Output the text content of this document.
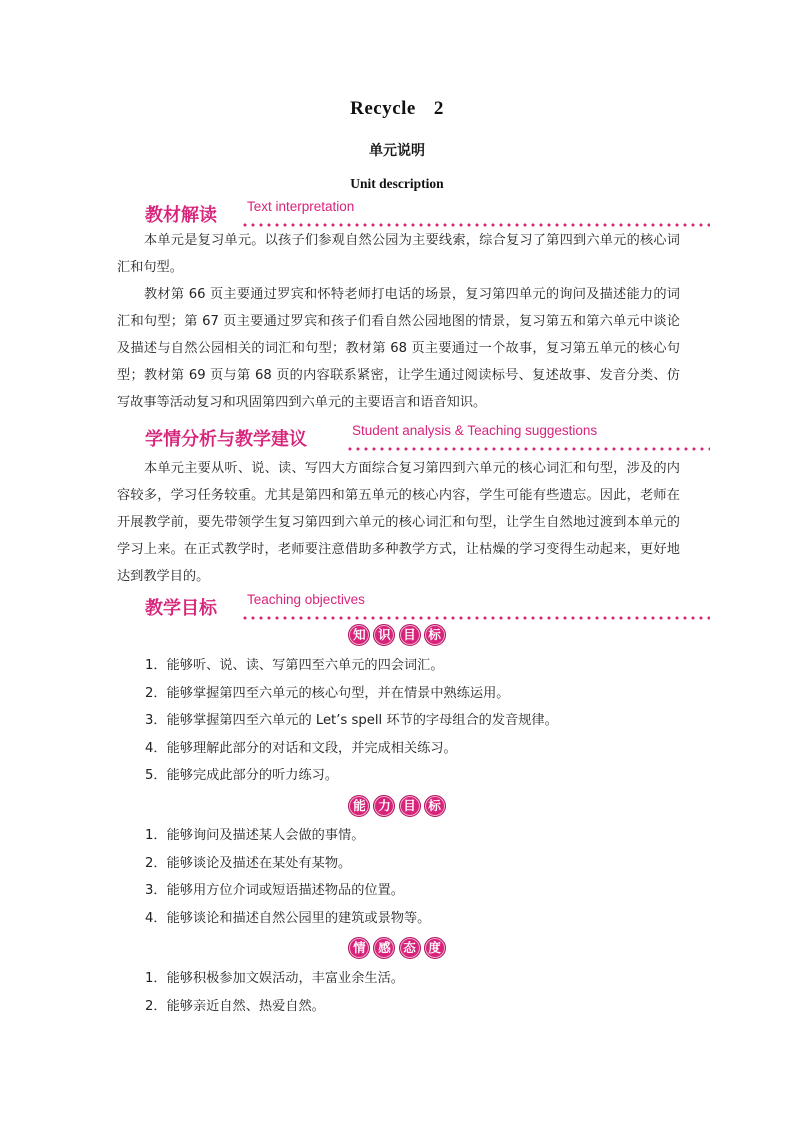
Recycle 2
单元说明
Unit description
教材解读 Text interpretation

本单元是复习单元。以孩子们参观自然公园为主要线索，综合复习了第四到六单元的核心词汇和句型。

教材第 66 页主要通过罗宾和怀特老师打电话的场景，复习第四单元的询问及描述能力的词汇和句型；第 67 页主要通过罗宾和孩子们看自然公园地图的情景，复习第五和第六单元中谈论及描述与自然公园相关的词汇和句型；教材第 68 页主要通过一个故事，复习第五单元的核心句型；教材第 69 页与第 68 页的内容联系紧密，让学生通过阅读标号、复述故事、发音分类、仿写故事等活动复习和巩固第四到六单元的主要语言和语音知识。

学情分析与教学建议	Student analysis & Teaching suggestions

本单元主要从听、说、读、写四大方面综合复习第四到六单元的核心词汇和句型，涉及的内容较多，学习任务较重。尤其是第四和第五单元的核心内容，学生可能有些遗忘。因此，老师在开展教学前，要先带领学生复习第四到六单元的核心词汇和句型，让学生自然地过渡到本单元的学习上来。在正式教学时，老师要注意借助多种教学方式，让枯燥的学习变得生动起来，更好地达到教学目的。

教学目标 Teaching objectives
知 识 目 标
1．能够听、说、读、写第四至六单元的四会词汇。
2．能够掌握第四至六单元的核心句型，并在情景中熟练运用。
3．能够掌握第四至六单元的 Let’s spell 环节的字母组合的发音规律。
4．能够理解此部分的对话和文段，并完成相关练习。
5．能够完成此部分的听力练习。
能 力 目 标
1．能够询问及描述某人会做的事情。
2．能够谈论及描述在某处有某物。
3．能够用方位介词或短语描述物品的位置。
4．能够谈论和描述自然公园里的建筑或景物等。
情 感 态 度
1．能够积极参加文娱活动，丰富业余生活。
2．能够亲近自然、热爱自然。
